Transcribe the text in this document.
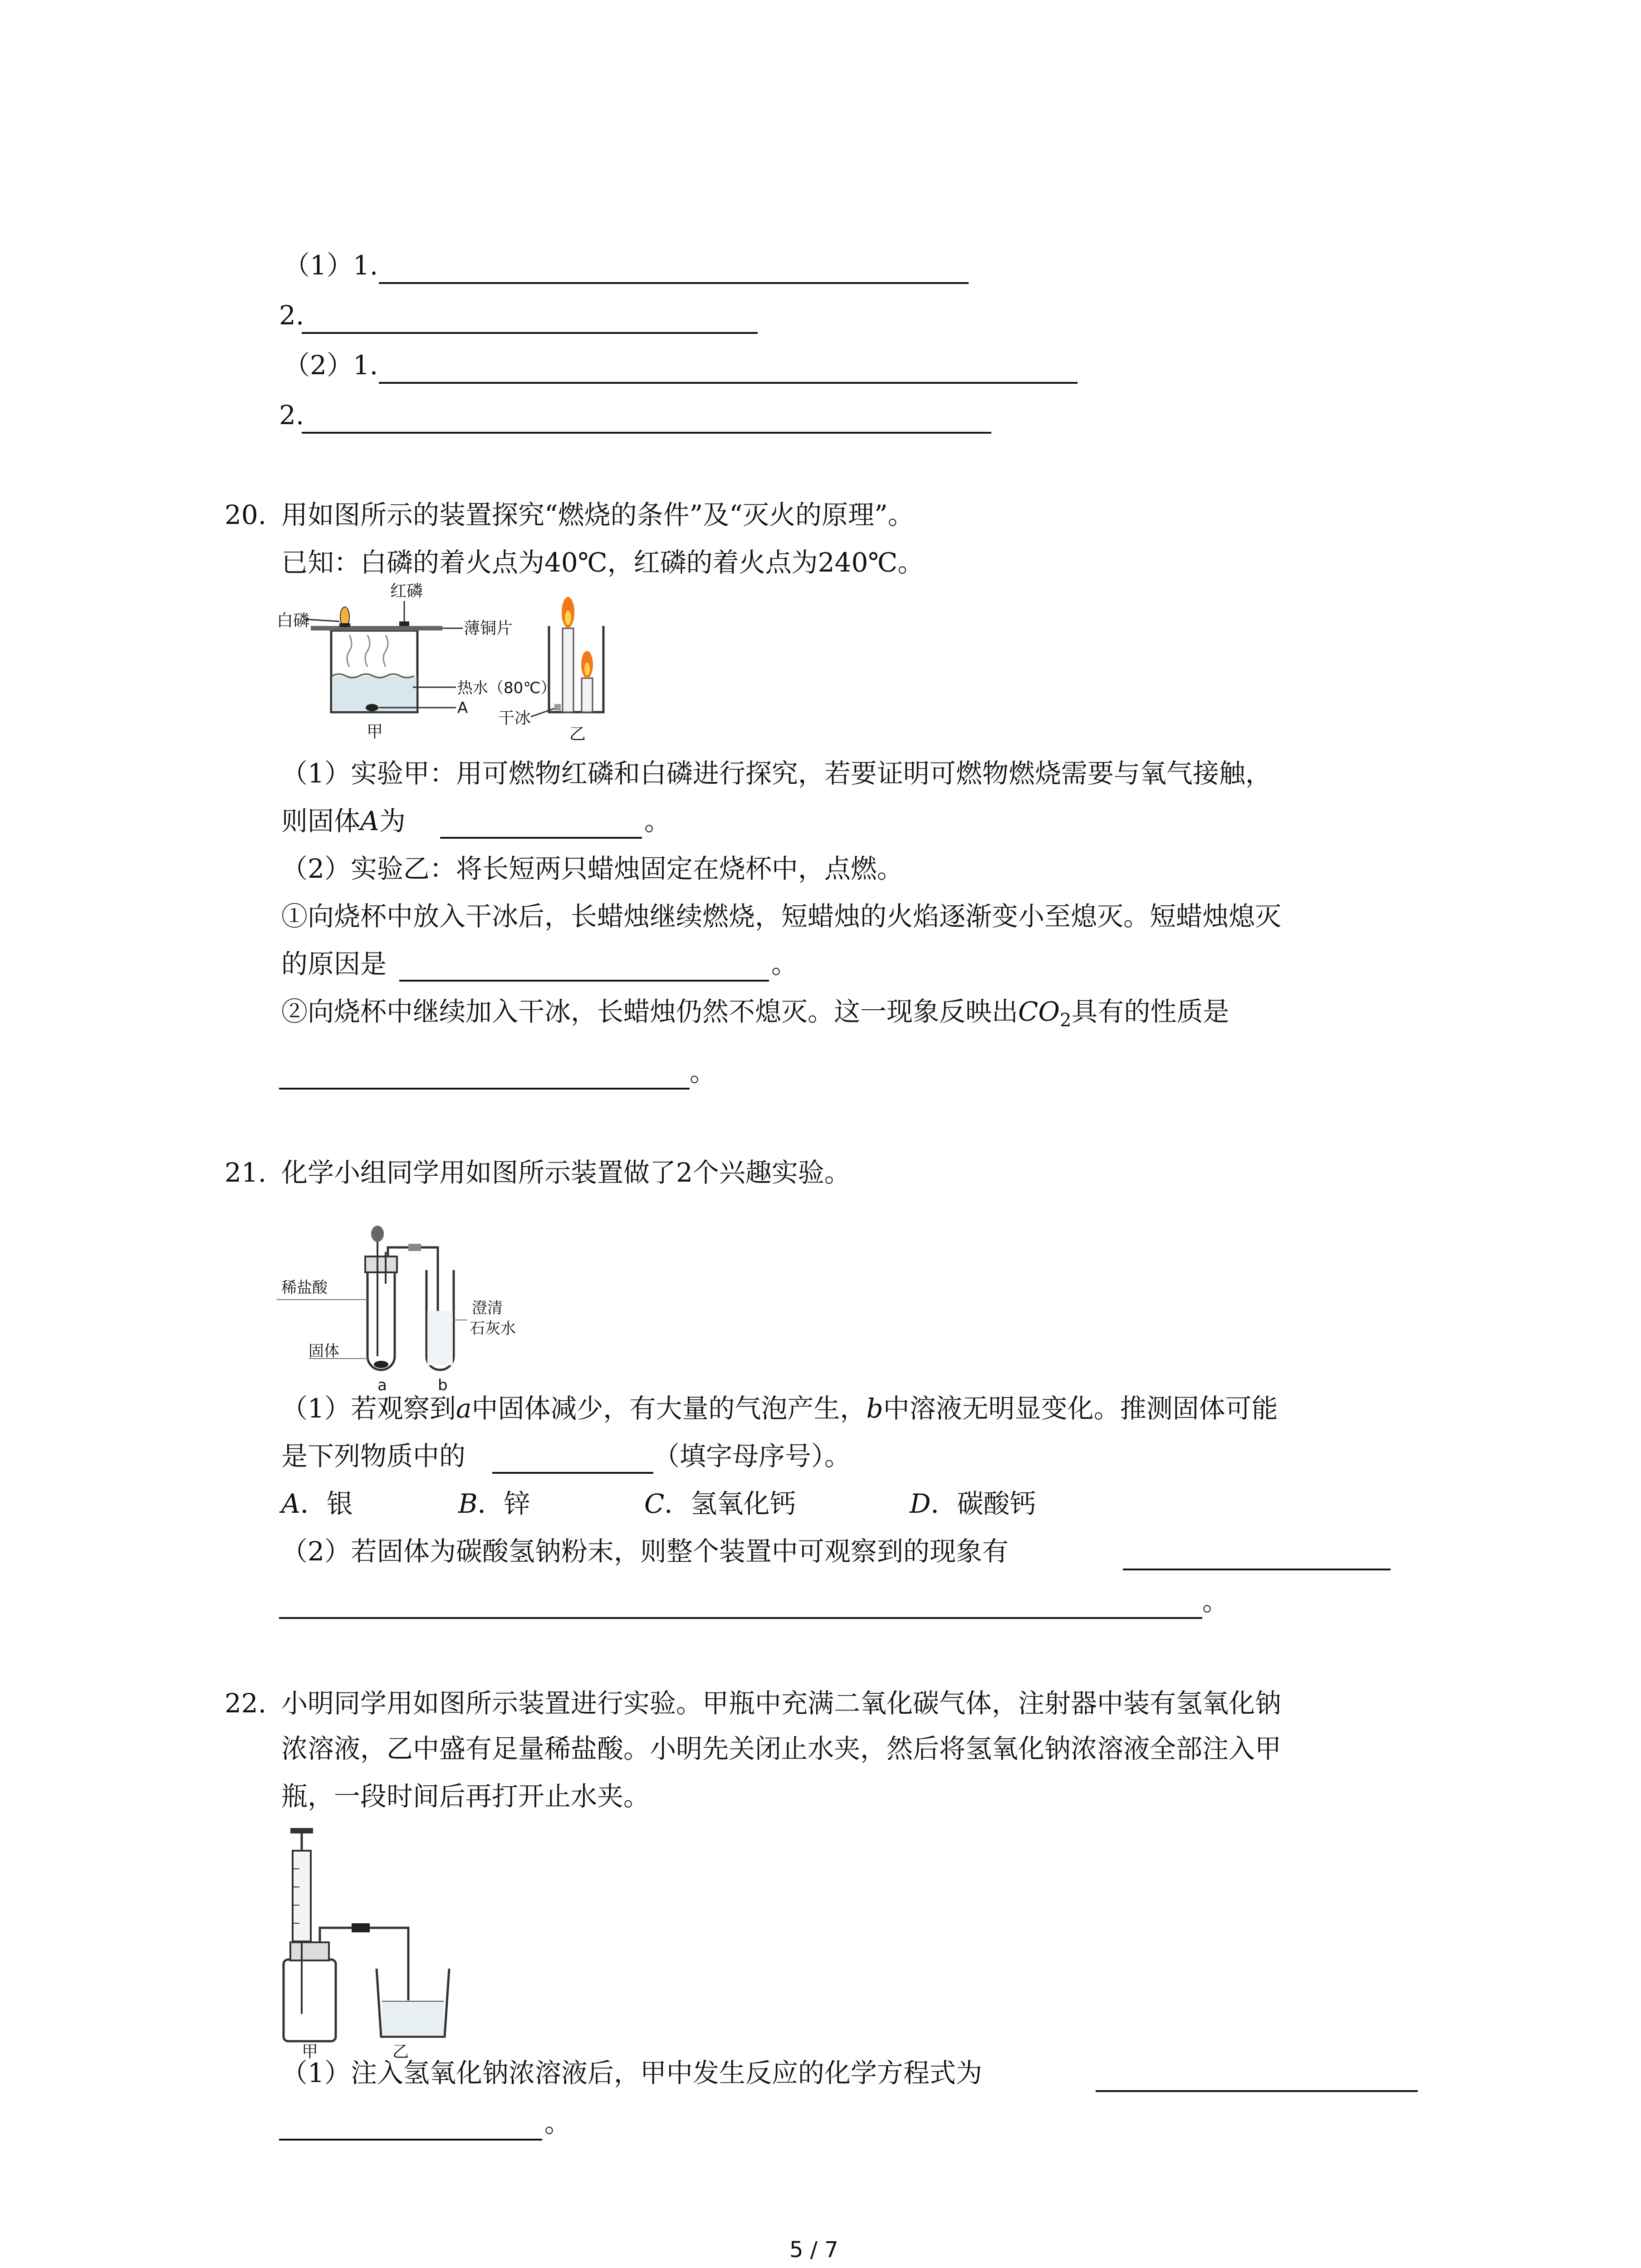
（1）1.
2.
（2）1.
2.
20. 用如图所示的装置探究“燃烧的条件”及“灭火的原理”。
已知：白磷的着火点为40℃，红磷的着火点为240℃。
白磷
红磷
薄铜片
热水（80℃）
A
甲
干冰
乙
（1）实验甲：用可燃物红磷和白磷进行探究，若要证明可燃物燃烧需要与氧气接触，
则固体A为	。
（2）实验乙：将长短两只蜡烛固定在烧杯中，点燃。
①向烧杯中放入干冰后，长蜡烛继续燃烧，短蜡烛的火焰逐渐变小至熄灭。短蜡烛熄灭
的原因是	。
②向烧杯中继续加入干冰，长蜡烛仍然不熄灭。这一现象反映出$CO_2$具有的性质是
。
21. 化学小组同学用如图所示装置做了2个兴趣实验。
稀盐酸
固体
澄清
石灰水
a	b
（1）若观察到a中固体减少，有大量的气泡产生，b中溶液无明显变化。推测固体可能
是下列物质中的	（填字母序号）。
A．银	B．锌	C．氢氧化钙	D．碳酸钙
（2）若固体为碳酸氢钠粉末，则整个装置中可观察到的现象有
。
22. 小明同学用如图所示装置进行实验。甲瓶中充满二氧化碳气体，注射器中装有氢氧化钠
浓溶液，乙中盛有足量稀盐酸。小明先关闭止水夹，然后将氢氧化钠浓溶液全部注入甲
瓶，一段时间后再打开止水夹。
甲	乙
（1）注入氢氧化钠浓溶液后，甲中发生反应的化学方程式为
。
5 / 7
